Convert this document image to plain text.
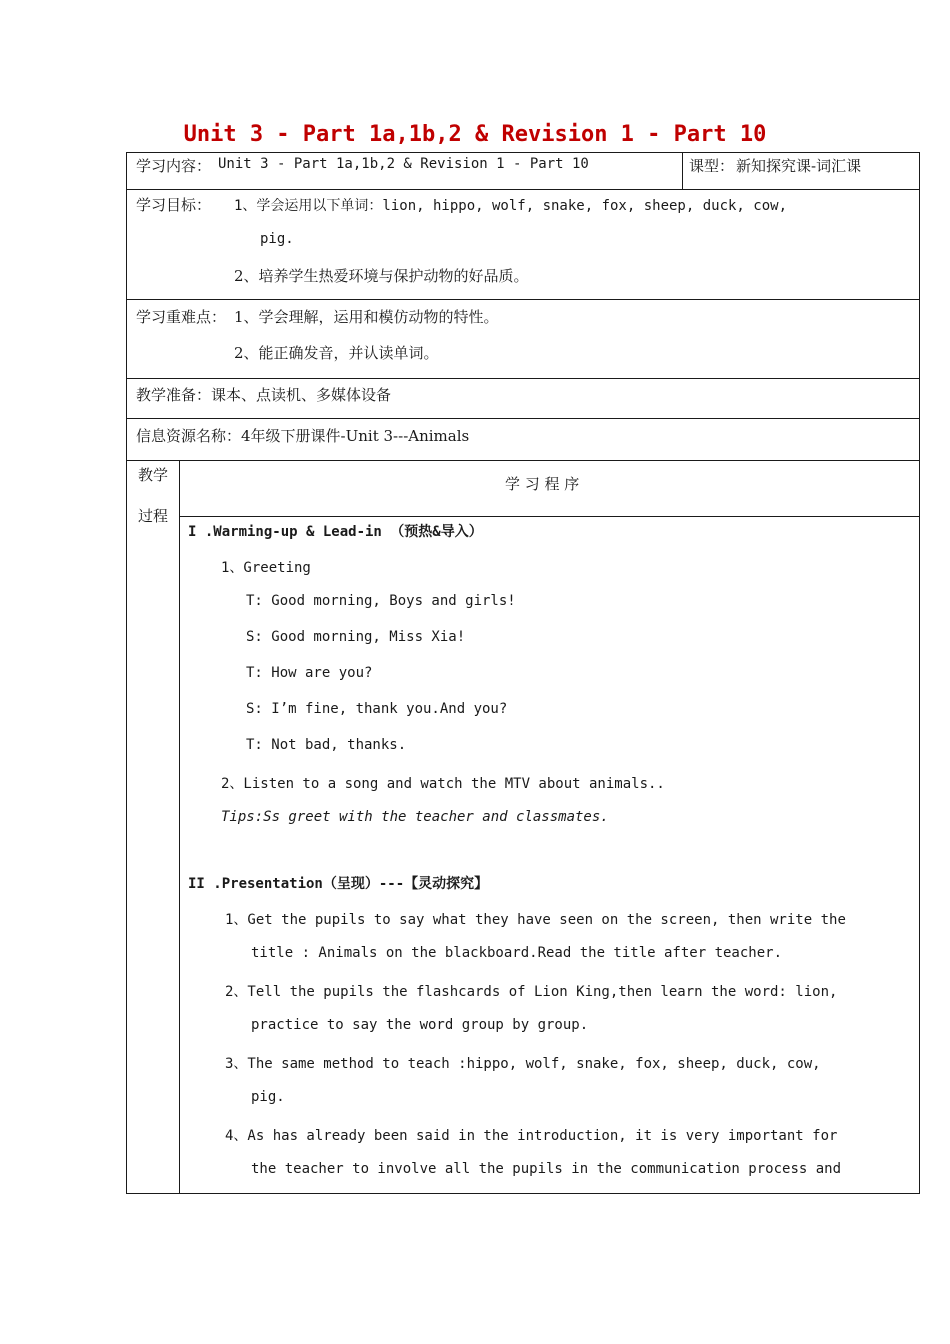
Unit 3 - Part 1a,1b,2 & Revision 1 - Part 10
学习内容： Unit 3 - Part 1a,1b,2 & Revision 1 - Part 10	课型： 新知探究课-词汇课
学习目标： 1、学会运用以下单词：lion, hippo, wolf, snake, fox, sheep, duck, cow,
pig.
2、培养学生热爱环境与保护动物的好品质。
学习重难点： 1、学会理解，运用和模仿动物的特性。
2、能正确发音，并认读单词。
教学准备：课本、点读机、多媒体设备
信息资源名称：4年级下册课件-Unit 3---Animals
教学
过程
学 习 程 序
I .Warming-up & Lead-in （预热&导入）
1、Greeting
T: Good morning, Boys and girls!
S: Good morning, Miss Xia!
T: How are you?
S: I’m fine, thank you.And you?
T: Not bad, thanks.
2、Listen to a song and watch the MTV about animals..
Tips:Ss greet with the teacher and classmates.
II .Presentation（呈现）---【灵动探究】
1、Get the pupils to say what they have seen on the screen, then write the
title : Animals on the blackboard.Read the title after teacher.
2、Tell the pupils the flashcards of Lion King,then learn the word: lion,
practice to say the word group by group.
3、The same method to teach :hippo, wolf, snake, fox, sheep, duck, cow,
pig.
4、As has already been said in the introduction, it is very important for
the teacher to involve all the pupils in the communication process and
